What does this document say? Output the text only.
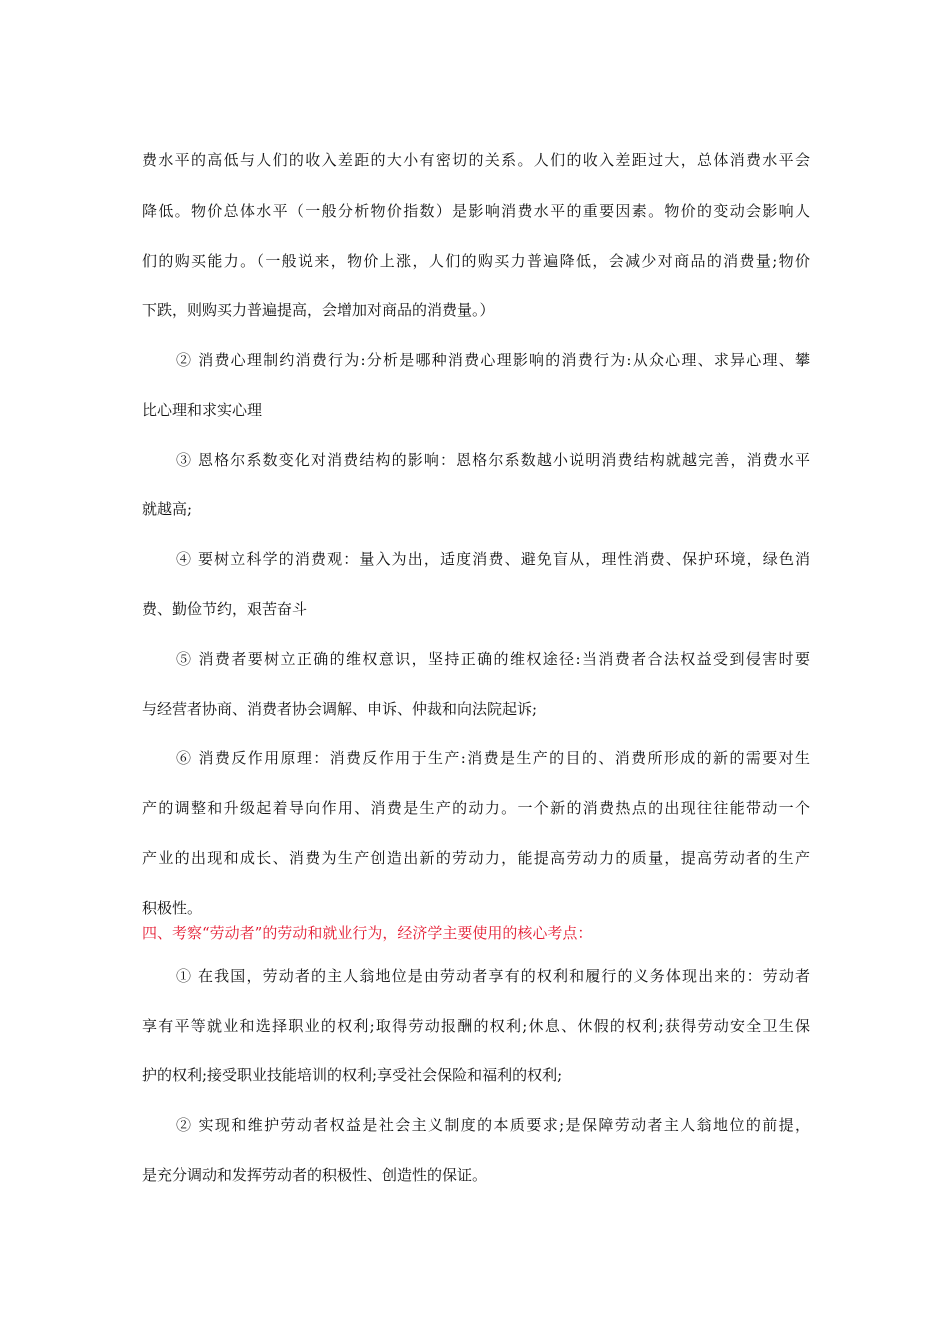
费水平的高低与人们的收入差距的大小有密切的关系。人们的收入差距过大，总体消费水平会
降低。物价总体水平（一般分析物价指数）是影响消费水平的重要因素。物价的变动会影响人
们的购买能力。（一般说来，物价上涨，人们的购买力普遍降低，会减少对商品的消费量;物价
下跌，则购买力普遍提高，会增加对商品的消费量。）
② 消费心理制约消费行为:分析是哪种消费心理影响的消费行为:从众心理、求异心理、攀
比心理和求实心理
③ 恩格尔系数变化对消费结构的影响：恩格尔系数越小说明消费结构就越完善，消费水平
就越高;
④ 要树立科学的消费观：量入为出，适度消费、避免盲从，理性消费、保护环境，绿色消
费、勤俭节约，艰苦奋斗
⑤ 消费者要树立正确的维权意识，坚持正确的维权途径:当消费者合法权益受到侵害时要
与经营者协商、消费者协会调解、申诉、仲裁和向法院起诉;
⑥ 消费反作用原理：消费反作用于生产:消费是生产的目的、消费所形成的新的需要对生
产的调整和升级起着导向作用、消费是生产的动力。一个新的消费热点的出现往往能带动一个
产业的出现和成长、消费为生产创造出新的劳动力，能提高劳动力的质量，提高劳动者的生产
积极性。
四、考察“劳动者”的劳动和就业行为，经济学主要使用的核心考点：
① 在我国，劳动者的主人翁地位是由劳动者享有的权利和履行的义务体现出来的：劳动者
享有平等就业和选择职业的权利;取得劳动报酬的权利;休息、休假的权利;获得劳动安全卫生保
护的权利;接受职业技能培训的权利;享受社会保险和福利的权利;
② 实现和维护劳动者权益是社会主义制度的本质要求;是保障劳动者主人翁地位的前提，
是充分调动和发挥劳动者的积极性、创造性的保证。
